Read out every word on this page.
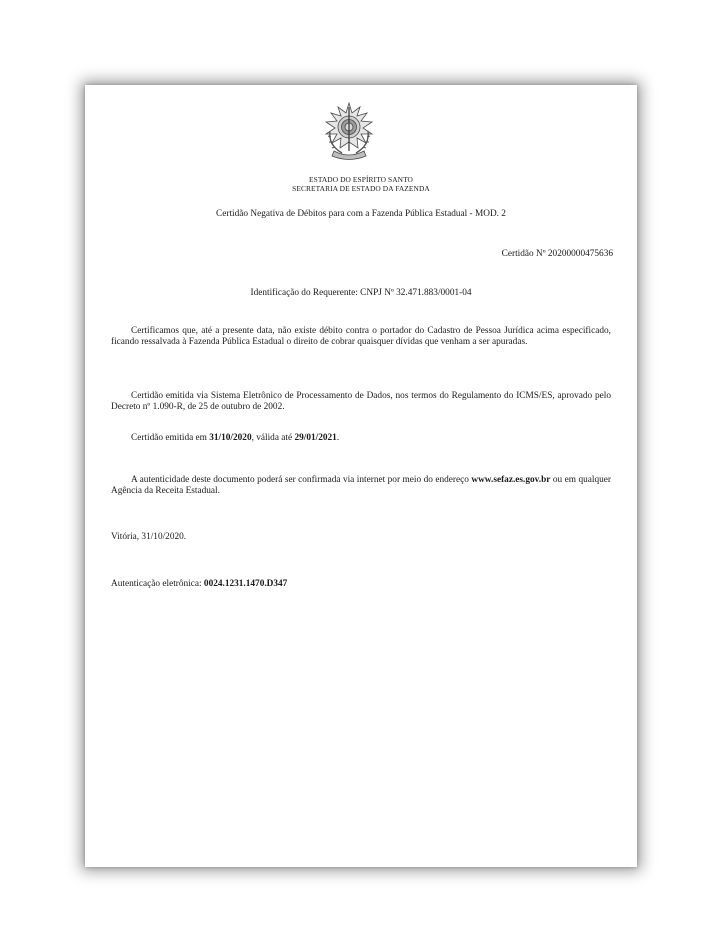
ESTADO DO ESPÍRITO SANTO

SECRETARIA DE ESTADO DA FAZENDA

Certidão Negativa de Débitos para com a Fazenda Pública Estadual - MOD. 2

Certidão Nº 20200000475636

Identificação do Requerente: CNPJ Nº 32.471.883/0001-04

Certificamos que, até a presente data, não existe débito contra o portador do Cadastro de Pessoa Jurídica acima especificado, ficando ressalvada à Fazenda Pública Estadual o direito de cobrar quaisquer dívidas que venham a ser apuradas.

Certidão emitida via Sistema Eletrônico de Processamento de Dados, nos termos do Regulamento do ICMS/ES, aprovado pelo Decreto nº 1.090-R, de 25 de outubro de 2002.

Certidão emitida em 31/10/2020, válida até 29/01/2021.

A autenticidade deste documento poderá ser confirmada via internet por meio do endereço www.sefaz.es.gov.br ou em qualquer Agência da Receita Estadual.

Vitória, 31/10/2020.

Autenticação eletrônica: 0024.1231.1470.D347
